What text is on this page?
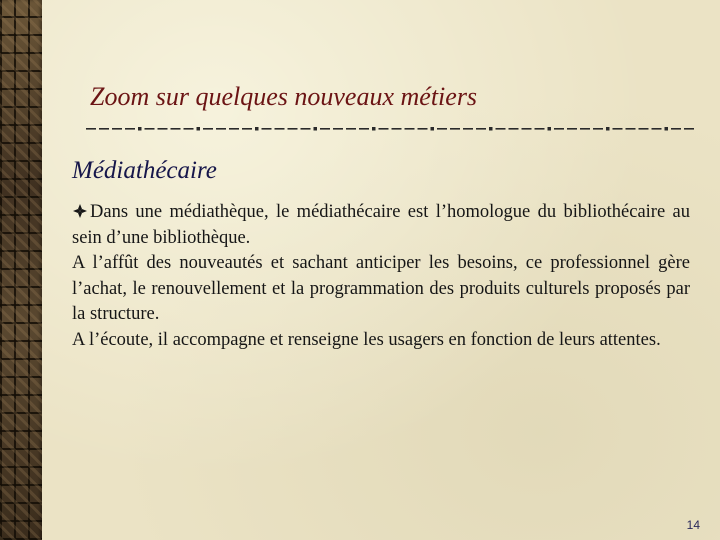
Zoom sur quelques nouveaux métiers
Médiathécaire

Dans une médiathèque, le médiathécaire est l’homologue du bibliothécaire au sein d’une bibliothèque.

A l’affût des nouveautés et sachant anticiper les besoins, ce professionnel gère l’achat, le renouvellement et la programmation des produits culturels proposés par la structure.

A l’écoute, il accompagne et renseigne les usagers en fonction de leurs attentes.

14
